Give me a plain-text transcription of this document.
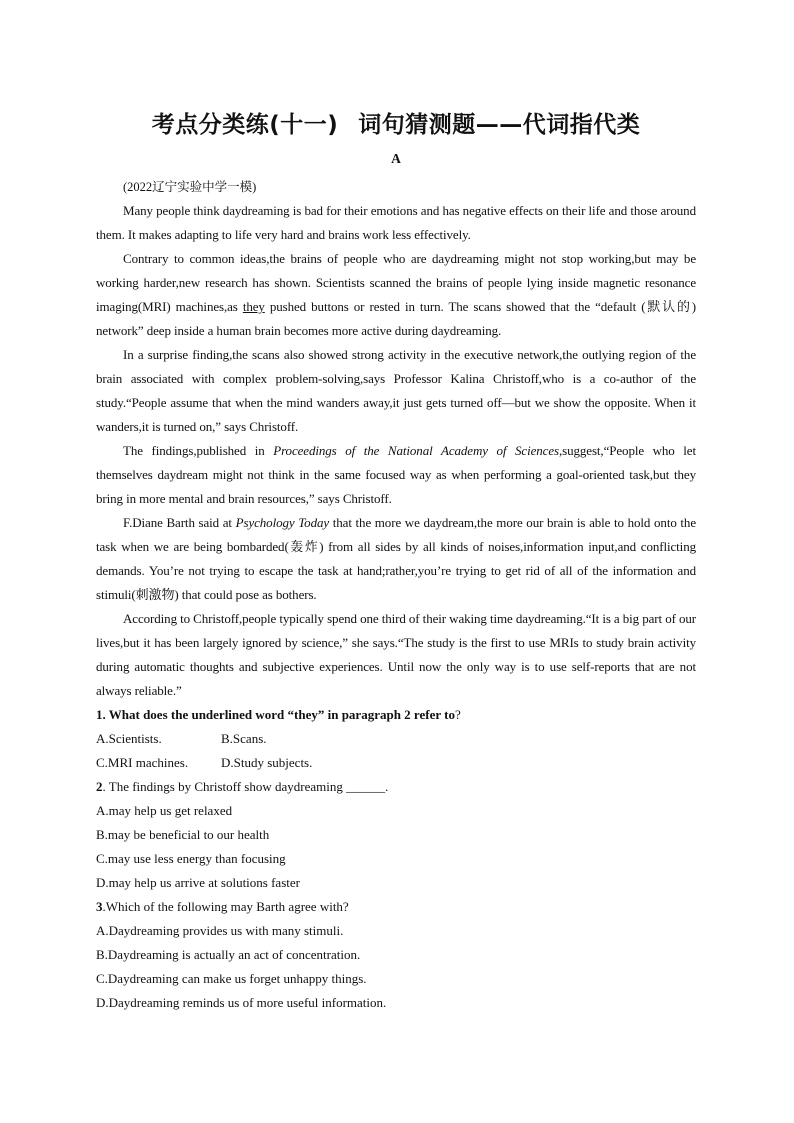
考点分类练(十一) 词句猜测题——代词指代类
A
(2022辽宁实验中学一模)

Many people think daydreaming is bad for their emotions and has negative effects on their life and those around them. It makes adapting to life very hard and brains work less effectively.

Contrary to common ideas,the brains of people who are daydreaming might not stop working,but may be working harder,new research has shown. Scientists scanned the brains of people lying inside magnetic resonance imaging(MRI) machines,as they pushed buttons or rested in turn. The scans showed that the “default (默认的) network” deep inside a human brain becomes more active during daydreaming.

In a surprise finding,the scans also showed strong activity in the executive network,the outlying region of the brain associated with complex problem-solving,says Professor Kalina Christoff,who is a co-author of the study.“People assume that when the mind wanders away,it just gets turned off—but we show the opposite. When it wanders,it is turned on,” says Christoff.

The findings,published in Proceedings of the National Academy of Sciences,suggest,“People who let themselves daydream might not think in the same focused way as when performing a goal-oriented task,but they bring in more mental and brain resources,” says Christoff.

F.Diane Barth said at Psychology Today that the more we daydream,the more our brain is able to hold onto the task when we are being bombarded(轰炸) from all sides by all kinds of noises,information input,and conflicting demands. You’re not trying to escape the task at hand;rather,you’re trying to get rid of all of the information and stimuli(刺激物) that could pose as bothers.

According to Christoff,people typically spend one third of their waking time daydreaming.“It is a big part of our lives,but it has been largely ignored by science,” she says.“The study is the first to use MRIs to study brain activity during automatic thoughts and subjective experiences. Until now the only way is to use self-reports that are not always reliable.”

1. What does the underlined word “they” in paragraph 2 refer to?

A.Scientists.	B.Scans.

C.MRI machines.	D.Study subjects.

2. The findings by Christoff show daydreaming ______.

A.may help us get relaxed

B.may be beneficial to our health

C.may use less energy than focusing

D.may help us arrive at solutions faster

3.Which of the following may Barth agree with?

A.Daydreaming provides us with many stimuli.

B.Daydreaming is actually an act of concentration.

C.Daydreaming can make us forget unhappy things.

D.Daydreaming reminds us of more useful information.
